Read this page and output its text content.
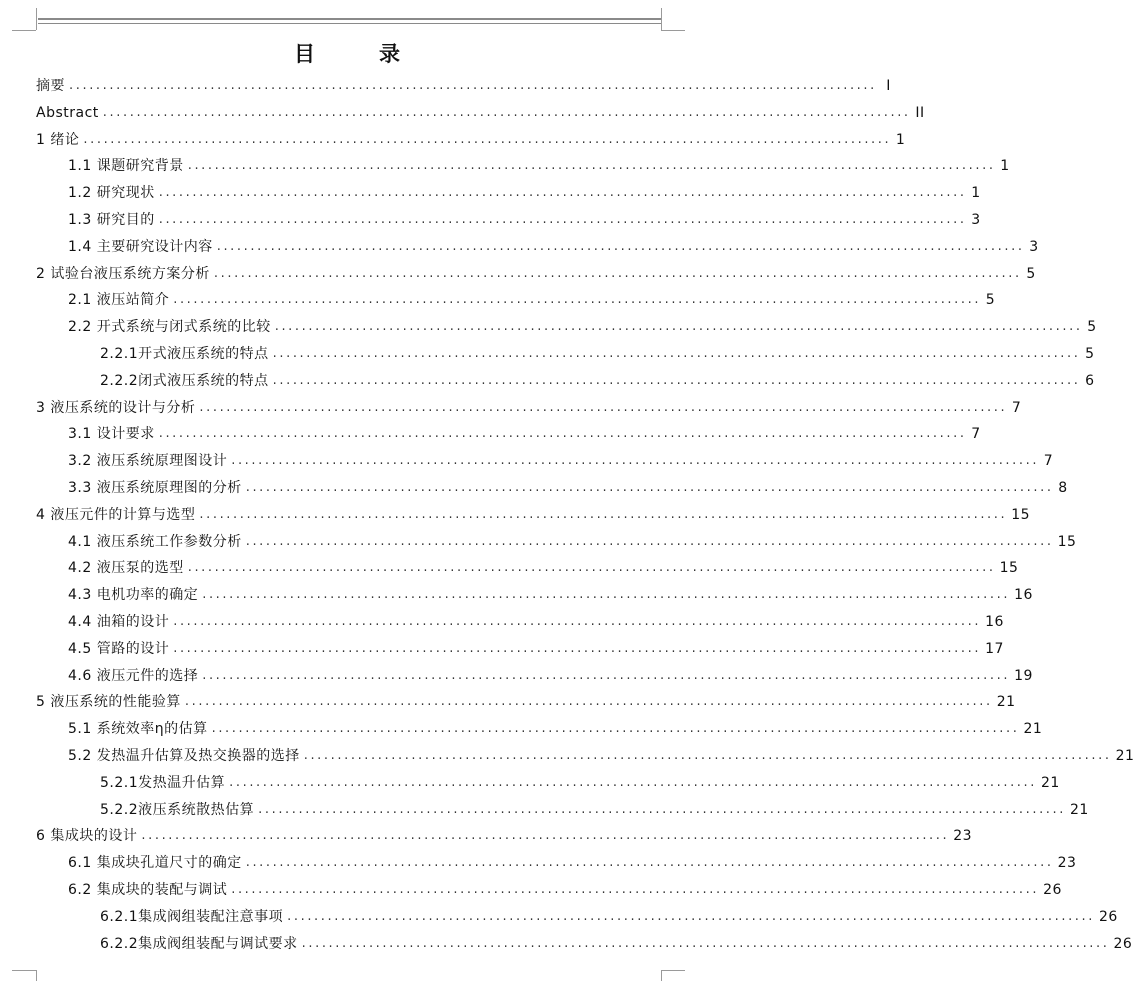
目	录
摘要 ........................................................................................................................ I
Abstract ........................................................................................................................ II
1 绪论 ........................................................................................................................ 1
1.1 课题研究背景 ........................................................................................................................ 1
1.2 研究现状 ........................................................................................................................ 1
1.3 研究目的 ........................................................................................................................ 3
1.4 主要研究设计内容 ........................................................................................................................ 3
2 试验台液压系统方案分析 ........................................................................................................................ 5
2.1 液压站简介 ........................................................................................................................ 5
2.2 开式系统与闭式系统的比较 ........................................................................................................................ 5
2.2.1开式液压系统的特点 ........................................................................................................................ 5
2.2.2闭式液压系统的特点 ........................................................................................................................ 6
3 液压系统的设计与分析 ........................................................................................................................ 7
3.1 设计要求 ........................................................................................................................ 7
3.2 液压系统原理图设计 ........................................................................................................................ 7
3.3 液压系统原理图的分析 ........................................................................................................................ 8
4 液压元件的计算与选型 ........................................................................................................................ 15
4.1 液压系统工作参数分析 ........................................................................................................................ 15
4.2 液压泵的选型 ........................................................................................................................ 15
4.3 电机功率的确定 ........................................................................................................................ 16
4.4 油箱的设计 ........................................................................................................................ 16
4.5 管路的设计 ........................................................................................................................ 17
4.6 液压元件的选择 ........................................................................................................................ 19
5 液压系统的性能验算 ........................................................................................................................ 21
5.1 系统效率η的估算 ........................................................................................................................ 21
5.2 发热温升估算及热交换器的选择 ........................................................................................................................ 21
5.2.1发热温升估算 ........................................................................................................................ 21
5.2.2液压系统散热估算 ........................................................................................................................ 21
6 集成块的设计 ........................................................................................................................ 23
6.1 集成块孔道尺寸的确定 ........................................................................................................................ 23
6.2 集成块的装配与调试 ........................................................................................................................ 26
6.2.1集成阀组装配注意事项 ........................................................................................................................ 26
6.2.2集成阀组装配与调试要求 ........................................................................................................................ 26
